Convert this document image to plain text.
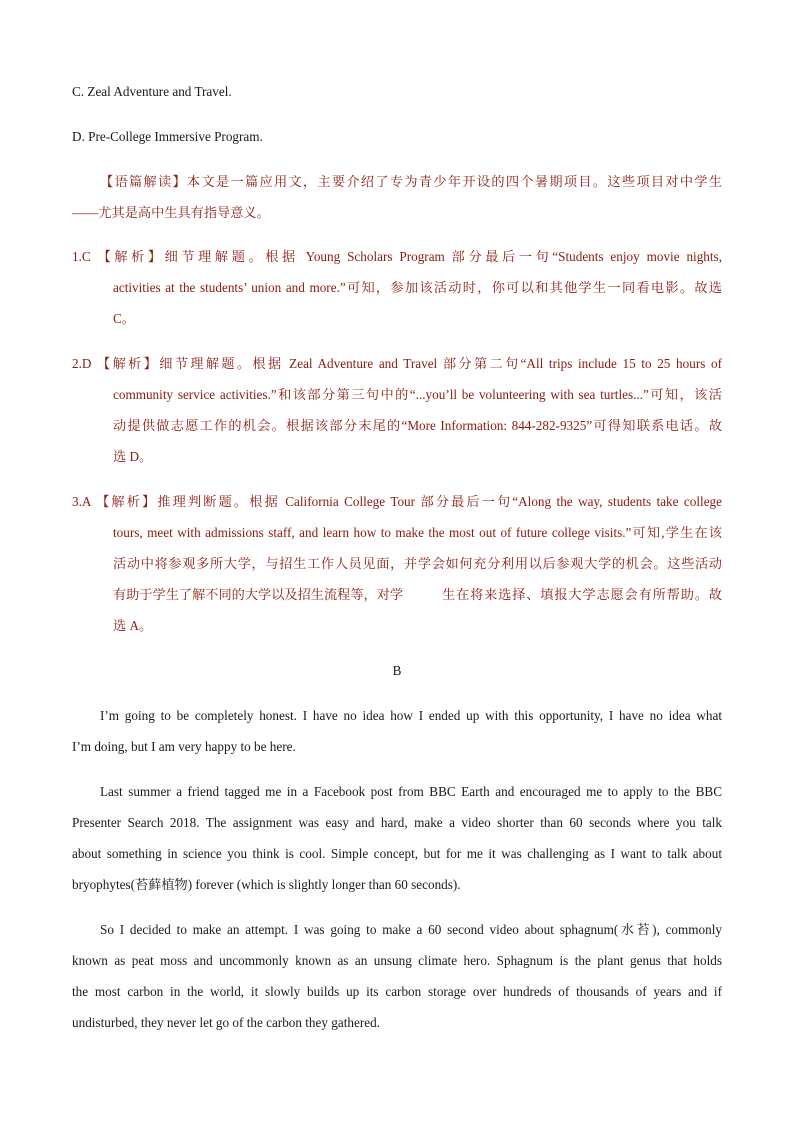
C. Zeal Adventure and Travel.
D. Pre-College Immersive Program.
【语篇解读】本文是一篇应用文，主要介绍了专为青少年开设的四个暑期项目。这些项目对中学生
——尤其是高中生具有指导意义。
1.C 【解析】细节理解题。根据 Young Scholars Program 部分最后一句“Students enjoy movie nights,
activities at the students’ union and more.”可知，参加该活动时，你可以和其他学生一同看电影。故选
C。
2.D 【解析】细节理解题。根据 Zeal Adventure and Travel 部分第二句“All trips include 15 to 25 hours of
community service activities.”和该部分第三句中的“...you’ll be volunteering with sea turtles...”可知，该活
动提供做志愿工作的机会。根据该部分末尾的“More Information: 844-282-9325”可得知联系电话。故
选 D。
3.A 【解析】推理判断题。根据 California College Tour 部分最后一句“Along the way, students take college
tours, meet with admissions staff, and learn how to make the most out of future college visits.”可知,学生在该
活动中将参观多所大学，与招生工作人员见面，并学会如何充分利用以后参观大学的机会。这些活动
有助于学生了解不同的大学以及招生流程等，对学	生在将来选择、填报大学志愿会有所帮助。故
选 A。
B
I’m going to be completely honest. I have no idea how I ended up with this opportunity, I have no idea what
I’m doing, but I am very happy to be here.
Last summer a friend tagged me in a Facebook post from BBC Earth and encouraged me to apply to the BBC
Presenter Search 2018. The assignment was easy and hard, make a video shorter than 60 seconds where you talk
about something in science you think is cool. Simple concept, but for me it was challenging as I want to talk about
bryophytes(苔藓植物) forever (which is slightly longer than 60 seconds).
So I decided to make an attempt. I was going to make a 60 second video about sphagnum(水苔), commonly
known as peat moss and uncommonly known as an unsung climate hero. Sphagnum is the plant genus that holds
the most carbon in the world, it slowly builds up its carbon storage over hundreds of thousands of years and if
undisturbed, they never let go of the carbon they gathered.
